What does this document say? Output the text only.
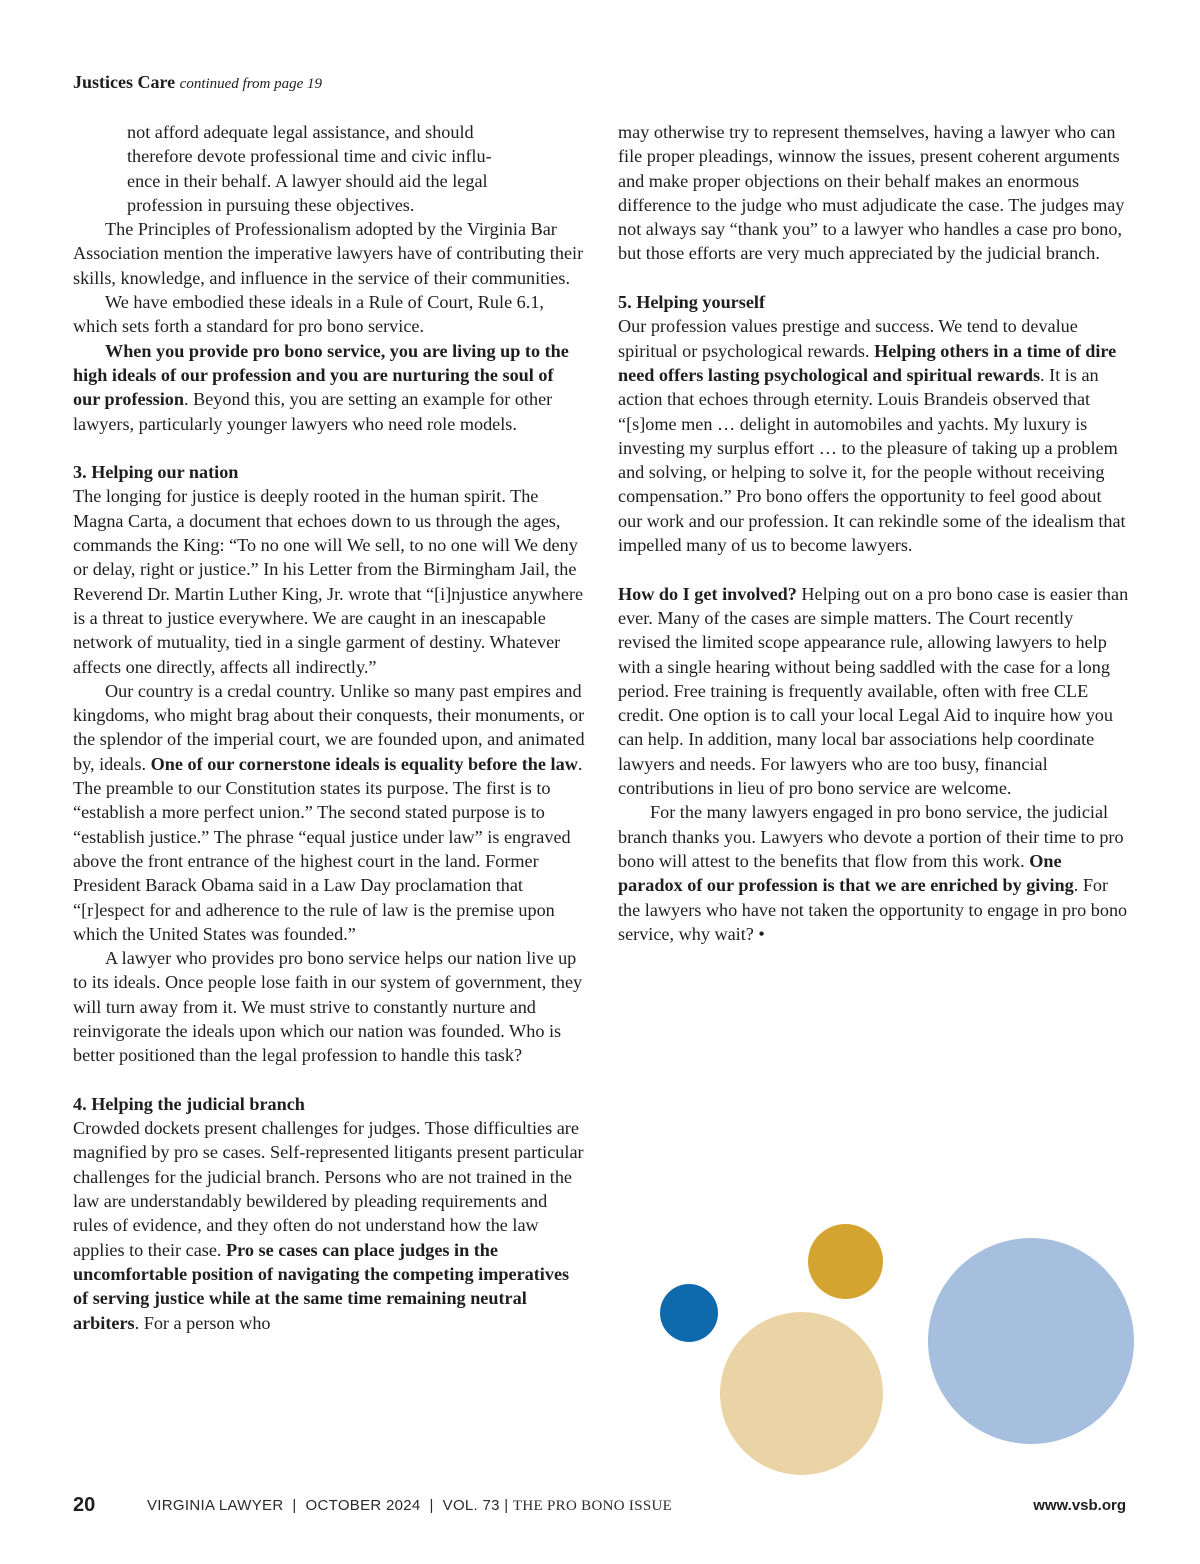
Justices Care continued from page 19
not afford adequate legal assistance, and should
therefore devote professional time and civic influ-
ence in their behalf. A lawyer should aid the legal
profession in pursuing these objectives.

The Principles of Professionalism adopted by the Virginia Bar Association mention the imperative lawyers have of contributing their skills, knowledge, and influence in the service of their communities.

We have embodied these ideals in a Rule of Court, Rule 6.1, which sets forth a standard for pro bono service.

When you provide pro bono service, you are living up to the high ideals of our profession and you are nurturing the soul of our profession. Beyond this, you are setting an example for other lawyers, particularly younger lawyers who need role models.

3. Helping our nation

The longing for justice is deeply rooted in the human spirit. The Magna Carta, a document that echoes down to us through the ages, commands the King: “To no one will We sell, to no one will We deny or delay, right or justice.” In his Letter from the Birmingham Jail, the Reverend Dr. Martin Luther King, Jr. wrote that “[i]njustice anywhere is a threat to justice everywhere. We are caught in an inescapable network of mutuality, tied in a single garment of destiny. Whatever affects one directly, affects all indirectly.”

Our country is a credal country. Unlike so many past empires and kingdoms, who might brag about their conquests, their monuments, or the splendor of the imperial court, we are founded upon, and animated by, ideals. One of our cornerstone ideals is equality before the law. The preamble to our Constitution states its purpose. The first is to “establish a more perfect union.” The second stated purpose is to “establish justice.” The phrase “equal justice under law” is engraved above the front entrance of the highest court in the land. Former President Barack Obama said in a Law Day proclamation that “[r]espect for and adherence to the rule of law is the premise upon which the United States was founded.”

A lawyer who provides pro bono service helps our nation live up to its ideals. Once people lose faith in our system of government, they will turn away from it. We must strive to constantly nurture and reinvigorate the ideals upon which our nation was founded. Who is better positioned than the legal profession to handle this task?

4. Helping the judicial branch

Crowded dockets present challenges for judges. Those difficulties are magnified by pro se cases. Self-represented litigants present particular challenges for the judicial branch. Persons who are not trained in the law are understandably bewildered by pleading requirements and rules of evidence, and they often do not understand how the law applies to their case. Pro se cases can place judges in the uncomfortable position of navigating the competing imperatives of serving justice while at the same time remaining neutral arbiters. For a person who

may otherwise try to represent themselves, having a lawyer who can file proper pleadings, winnow the issues, present coherent arguments and make proper objections on their behalf makes an enormous difference to the judge who must adjudicate the case. The judges may not always say “thank you” to a lawyer who handles a case pro bono, but those efforts are very much appreciated by the judicial branch.

5. Helping yourself

Our profession values prestige and success. We tend to devalue spiritual or psychological rewards. Helping others in a time of dire need offers lasting psychological and spiritual rewards. It is an action that echoes through eternity. Louis Brandeis observed that “[s]ome men … delight in automobiles and yachts. My luxury is investing my surplus effort … to the pleasure of taking up a problem and solving, or helping to solve it, for the people without receiving compensation.” Pro bono offers the opportunity to feel good about our work and our profession. It can rekindle some of the idealism that impelled many of us to become lawyers.

How do I get involved? Helping out on a pro bono case is easier than ever. Many of the cases are simple matters. The Court recently revised the limited scope appearance rule, allowing lawyers to help with a single hearing without being saddled with the case for a long period. Free training is frequently available, often with free CLE credit. One option is to call your local Legal Aid to inquire how you can help. In addition, many local bar associations help coordinate lawyers and needs. For lawyers who are too busy, financial contributions in lieu of pro bono service are welcome.

For the many lawyers engaged in pro bono service, the judicial branch thanks you. Lawyers who devote a portion of their time to pro bono will attest to the benefits that flow from this work. One paradox of our profession is that we are enriched by giving. For the lawyers who have not taken the opportunity to engage in pro bono service, why wait? •

20	VIRGINIA LAWYER  |  OCTOBER 2024  |  VOL. 73 | THE PRO BONO ISSUE	www.vsb.org
